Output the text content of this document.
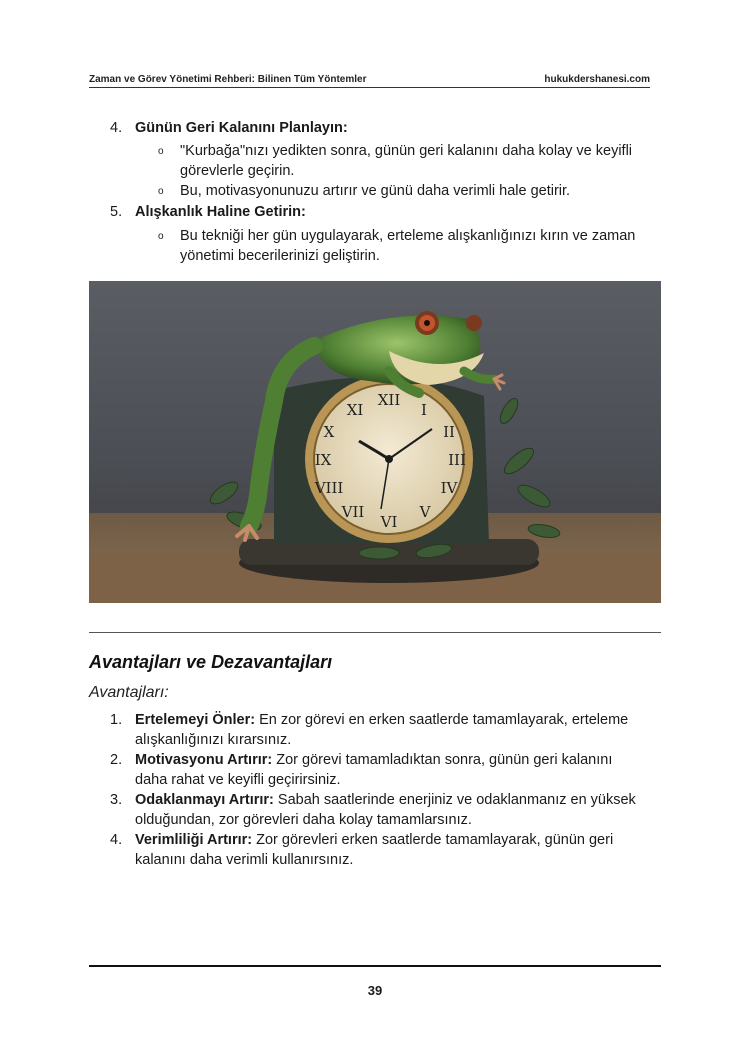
Zaman ve Görev Yönetimi Rehberi: Bilinen Tüm Yöntemler	hukukdershanesi.com
4. Günün Geri Kalanını Planlayın:
o "Kurbağa"nızı yedikten sonra, günün geri kalanını daha kolay ve keyifli görevlerle geçirin.
o Bu, motivasyonunuzu artırır ve günü daha verimli hale getirir.
5. Alışkanlık Haline Getirin:
o Bu tekniği her gün uygulayarak, erteleme alışkanlığınızı kırın ve zaman yönetimi becerilerinizi geliştirin.
XII
I
II
III
IV
V
VI
VII
VIII
IX
X
XI
Avantajları ve Dezavantajları
Avantajları:
1. Ertelemeyi Önler: En zor görevi en erken saatlerde tamamlayarak, erteleme
alışkanlığınızı kırarsınız.
2. Motivasyonu Artırır: Zor görevi tamamladıktan sonra, günün geri kalanını
daha rahat ve keyifli geçirirsiniz.
3. Odaklanmayı Artırır: Sabah saatlerinde enerjiniz ve odaklanmanız en yüksek
olduğundan, zor görevleri daha kolay tamamlarsınız.
4. Verimliliği Artırır: Zor görevleri erken saatlerde tamamlayarak, günün geri
kalanını daha verimli kullanırsınız.
39
